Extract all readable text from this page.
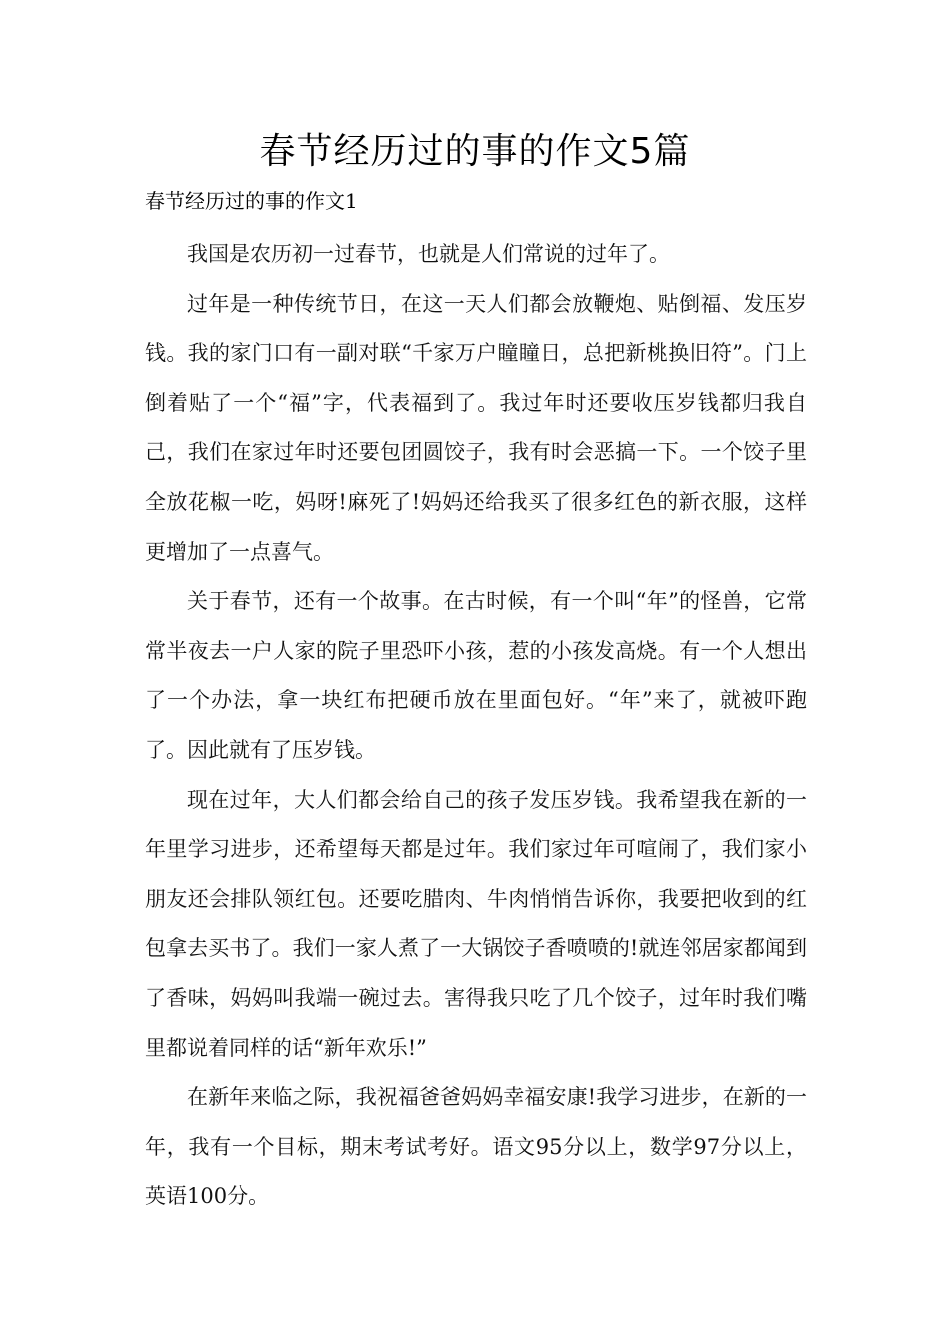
春节经历过的事的作文5篇
春节经历过的事的作文1

我国是农历初一过春节，也就是人们常说的过年了。

过年是一种传统节日，在这一天人们都会放鞭炮、贴倒福、发压岁钱。我的家门口有一副对联“千家万户瞳瞳日，总把新桃换旧符”。门上倒着贴了一个“福”字，代表福到了。我过年时还要收压岁钱都归我自己，我们在家过年时还要包团圆饺子，我有时会恶搞一下。一个饺子里全放花椒一吃，妈呀!麻死了!妈妈还给我买了很多红色的新衣服，这样更增加了一点喜气。

关于春节，还有一个故事。在古时候，有一个叫“年”的怪兽，它常常半夜去一户人家的院子里恐吓小孩，惹的小孩发高烧。有一个人想出了一个办法，拿一块红布把硬币放在里面包好。“年”来了，就被吓跑了。因此就有了压岁钱。

现在过年，大人们都会给自己的孩子发压岁钱。我希望我在新的一年里学习进步，还希望每天都是过年。我们家过年可喧闹了，我们家小朋友还会排队领红包。还要吃腊肉、牛肉悄悄告诉你，我要把收到的红包拿去买书了。我们一家人煮了一大锅饺子香喷喷的!就连邻居家都闻到了香味，妈妈叫我端一碗过去。害得我只吃了几个饺子，过年时我们嘴里都说着同样的话“新年欢乐!”

在新年来临之际，我祝福爸爸妈妈幸福安康!我学习进步，在新的一年，我有一个目标，期末考试考好。语文95分以上，数学97分以上，英语100分。
